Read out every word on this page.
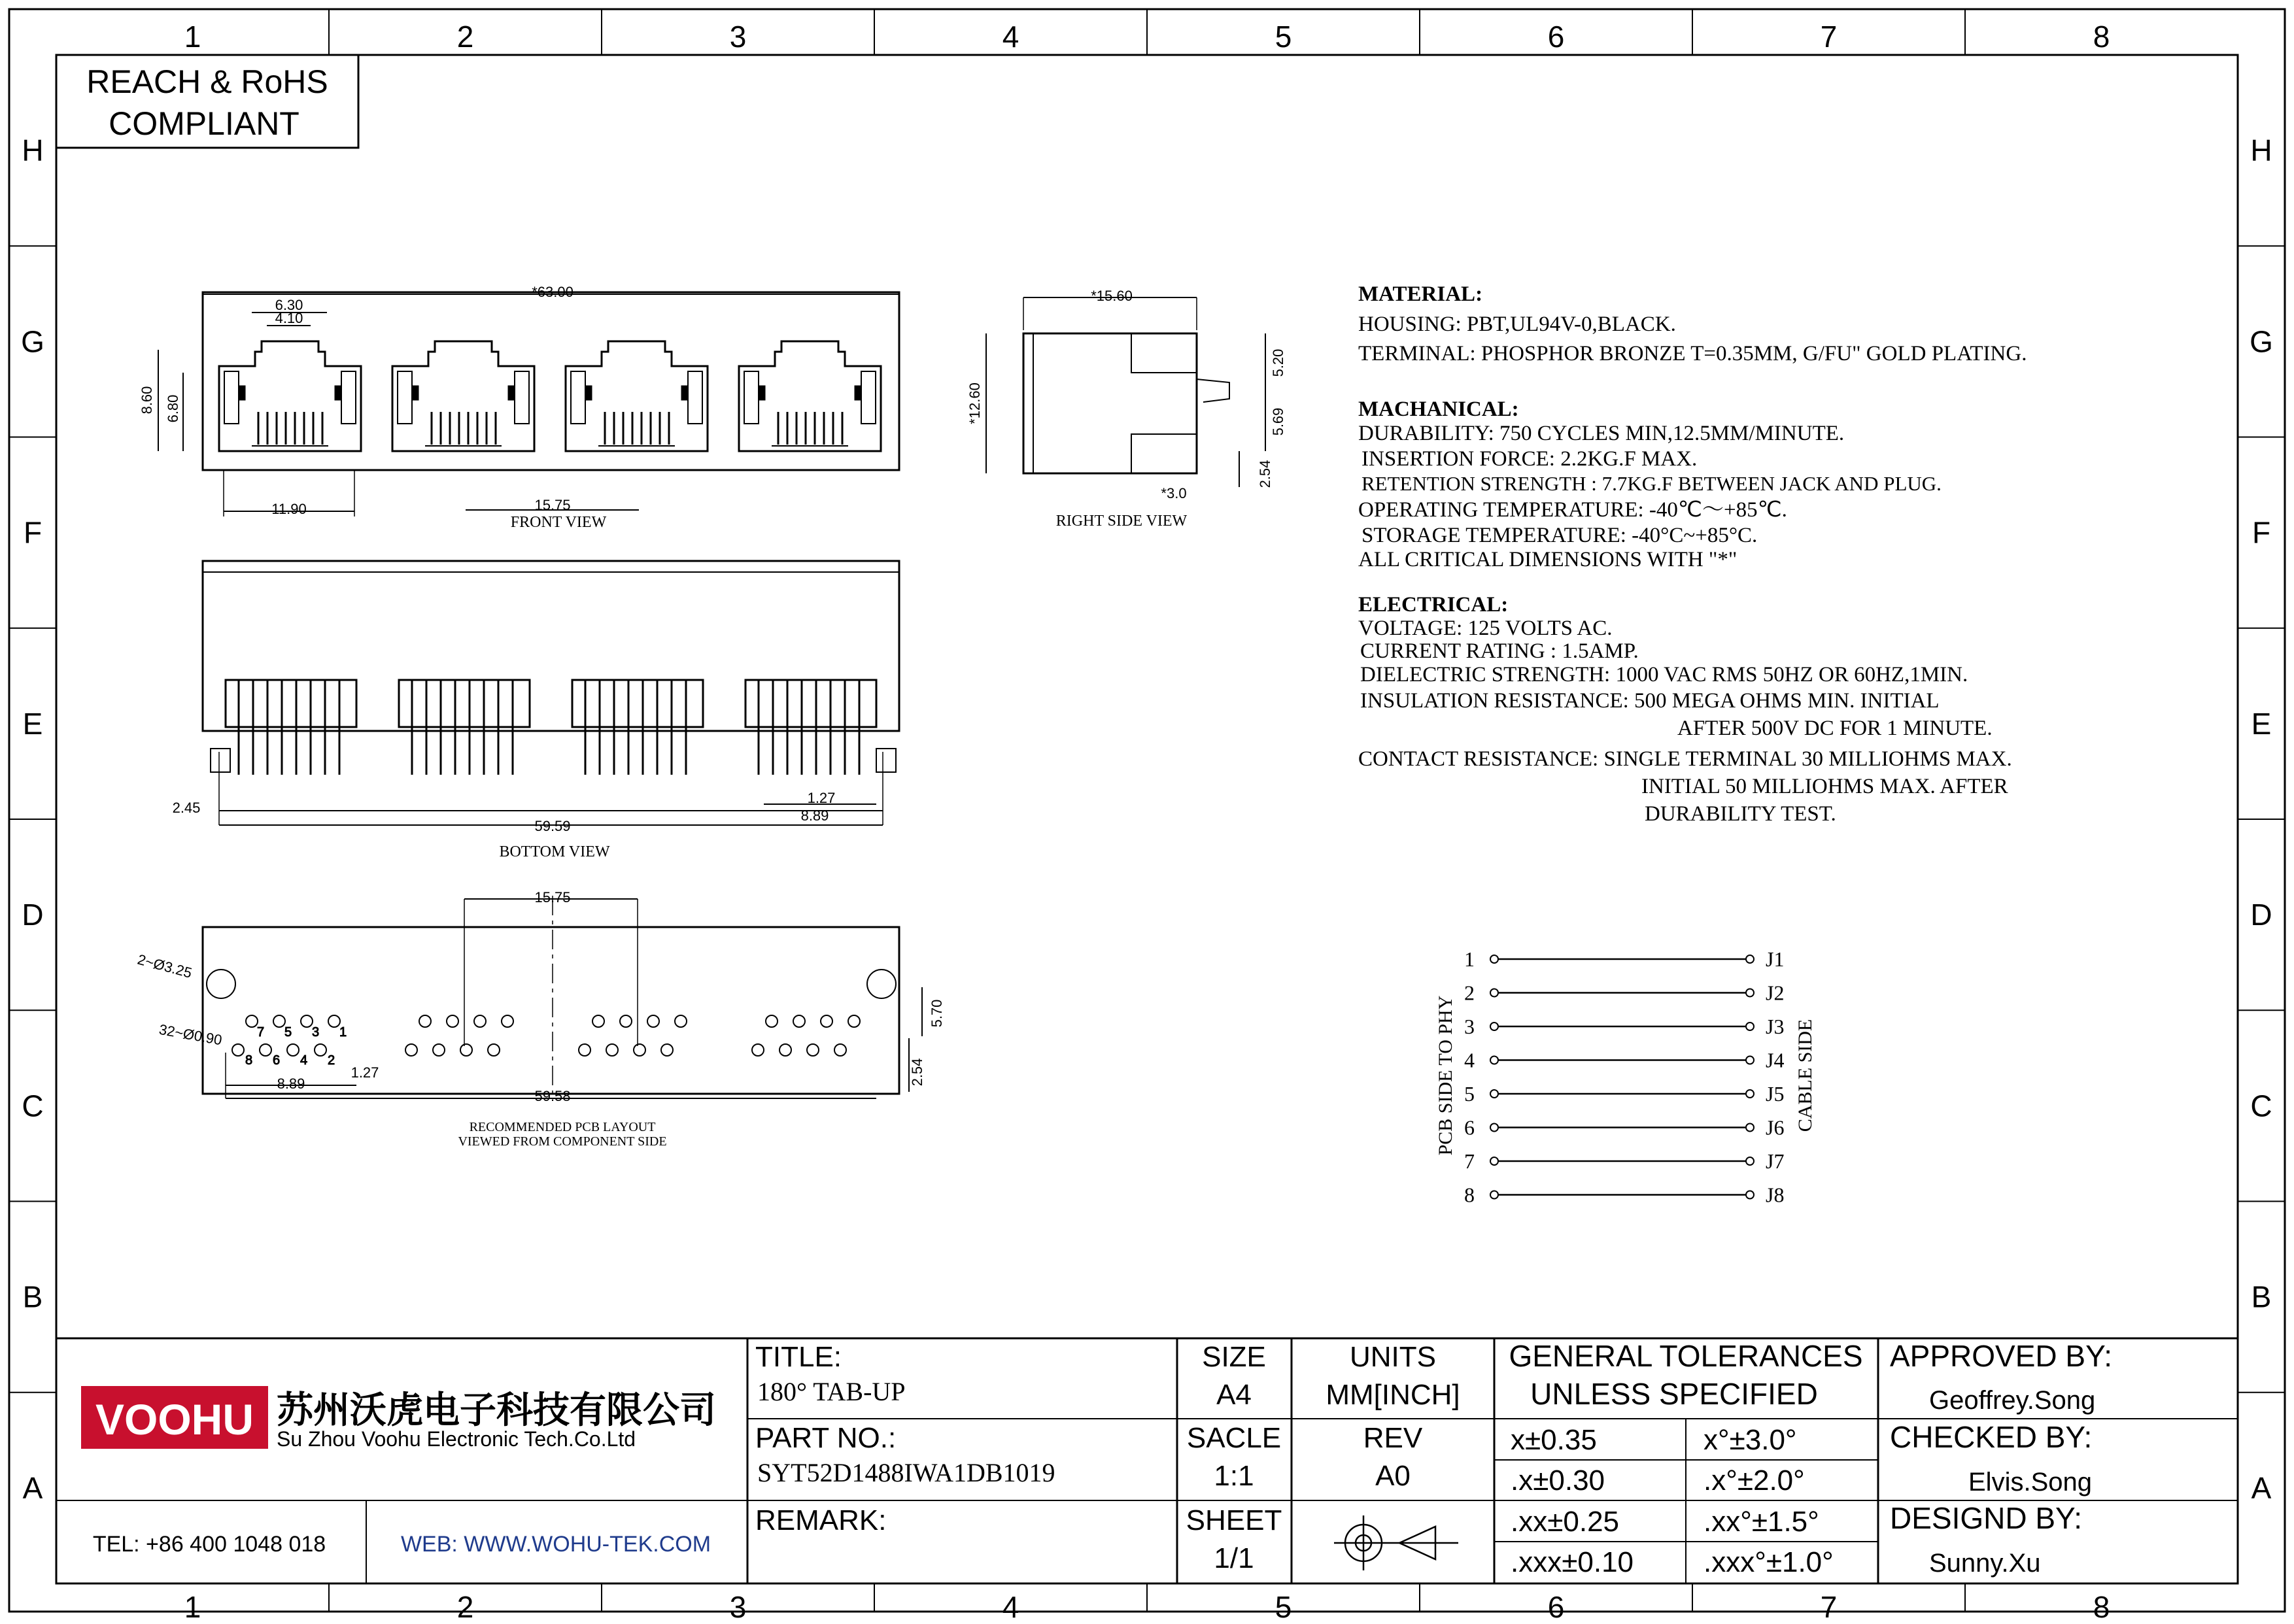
1
1
2
2
3
3
4
4
5
5
6
6
7
7
8
8
H	H
G	G
F	F
E	E
D	D
C	C
B	B
A	A
REACH & RoHS
COMPLIANT
*63.00
6.30
4.10
8.60 6.80
11.90	15.75
FRONT VIEW
*15.60
*12.60
5.20
5.69
2.54
*3.0
RIGHT SIDE VIEW
2.45
59.59
1.27
8.89
BOTTOM VIEW
15.75
7
8
5
6
3
4
1
2
2~Ø3.25
32~Ø0.90
8.89
1.27
59.58
5.70
2.54
RECOMMENDED PCB LAYOUT
VIEWED FROM COMPONENT SIDE
MATERIAL:
HOUSING: PBT,UL94V-0,BLACK.
TERMINAL: PHOSPHOR BRONZE T=0.35MM, G/FU" GOLD PLATING.
MACHANICAL:
DURABILITY: 750 CYCLES MIN,12.5MM/MINUTE.
INSERTION FORCE: 2.2KG.F MAX.
RETENTION STRENGTH : 7.7KG.F BETWEEN JACK AND PLUG.
OPERATING TEMPERATURE: -40℃～+85℃.
STORAGE TEMPERATURE: -40°C~+85°C.
ALL CRITICAL DIMENSIONS WITH "*"
ELECTRICAL:
VOLTAGE: 125 VOLTS AC.
CURRENT RATING : 1.5AMP.
DIELECTRIC STRENGTH: 1000 VAC RMS 50HZ OR 60HZ,1MIN.
INSULATION RESISTANCE: 500 MEGA OHMS MIN. INITIAL
AFTER 500V DC FOR 1 MINUTE.
CONTACT RESISTANCE: SINGLE TERMINAL 30 MILLIOHMS MAX.
INITIAL 50 MILLIOHMS MAX. AFTER
DURABILITY TEST.
1	J1
2	J2
3	J3
4	J4
5	J5
6	J6
7	J7
8	J8
PCB SIDE TO PHY	CABLE SIDE
VOOHU 苏州沃虎电子科技有限公司
Su Zhou Voohu Electronic Tech.Co.Ltd
TEL: +86 400 1048 018	WEB: WWW.WOHU-TEK.COM
TITLE:
180° TAB-UP
PART NO.:
SYT52D1488IWA1DB1019
REMARK:
SIZE
A4
SACLE
1:1
SHEET
1/1
UNITS
MM[INCH]
REV
A0
GENERAL TOLERANCES
UNLESS SPECIFIED
x±0.35	x°±3.0°
.x±0.30	.x°±2.0°
.xx±0.25	.xx°±1.5°
.xxx±0.10 .xxx°±1.0°
APPROVED BY:
Geoffrey.Song
CHECKED BY:
Elvis.Song
DESIGND BY:
Sunny.Xu
